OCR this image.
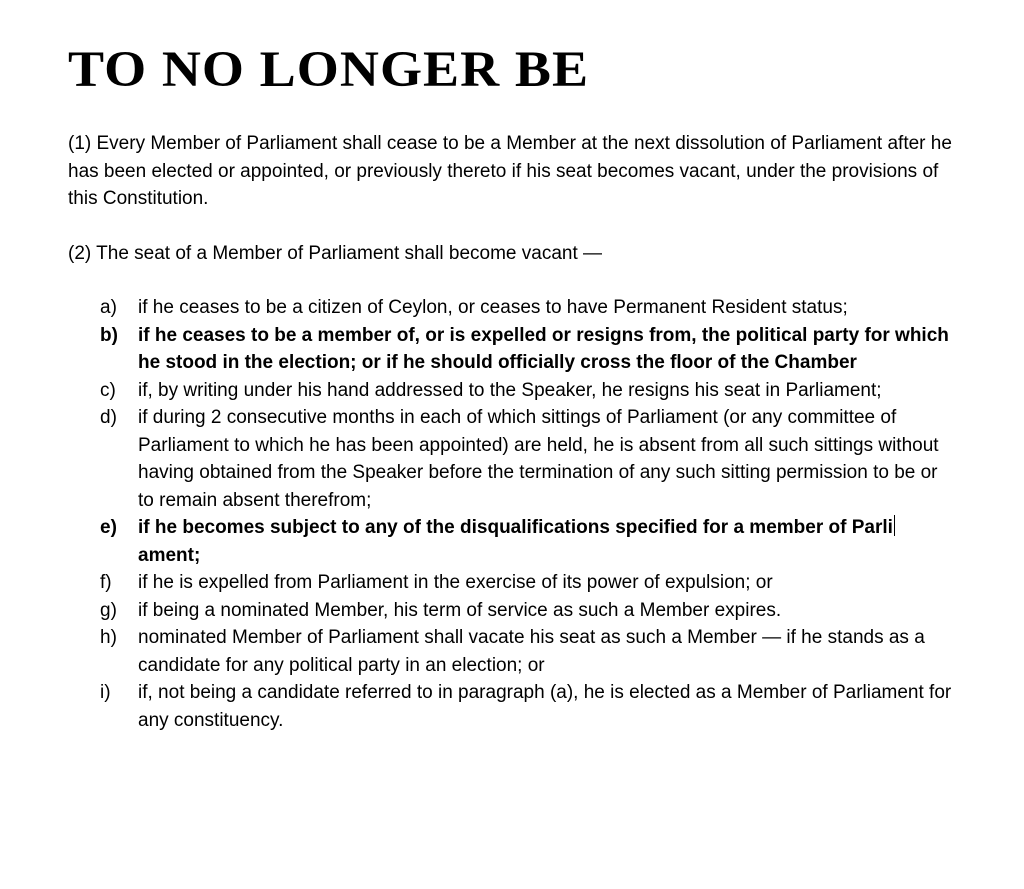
TO NO LONGER BE

(1) Every Member of Parliament shall cease to be a Member at the next dissolution of Parliament after he has been elected or appointed, or previously thereto if his seat becomes vacant, under the provisions of this Constitution.

(2) The seat of a Member of Parliament shall become vacant —

a)	if he ceases to be a citizen of Ceylon, or ceases to have Permanent Resident status;
b)	if he ceases to be a member of, or is expelled or resigns from, the political party for which he stood in the election; or if he should officially cross the floor of the Chamber
c)	if, by writing under his hand addressed to the Speaker, he resigns his seat in Parliament;
d)	if during 2 consecutive months in each of which sittings of Parliament (or any committee of Parliament to which he has been appointed) are held, he is absent from all such sittings without having obtained from the Speaker before the termination of any such sitting permission to be or to remain absent therefrom;
e)	if he becomes subject to any of the disqualifications specified for a member of Parliament;
f)	if he is expelled from Parliament in the exercise of its power of expulsion; or
g)	if being a nominated Member, his term of service as such a Member expires.
h)	nominated Member of Parliament shall vacate his seat as such a Member — if he stands as a candidate for any political party in an election; or
i)	if, not being a candidate referred to in paragraph (a), he is elected as a Member of Parliament for any constituency.
